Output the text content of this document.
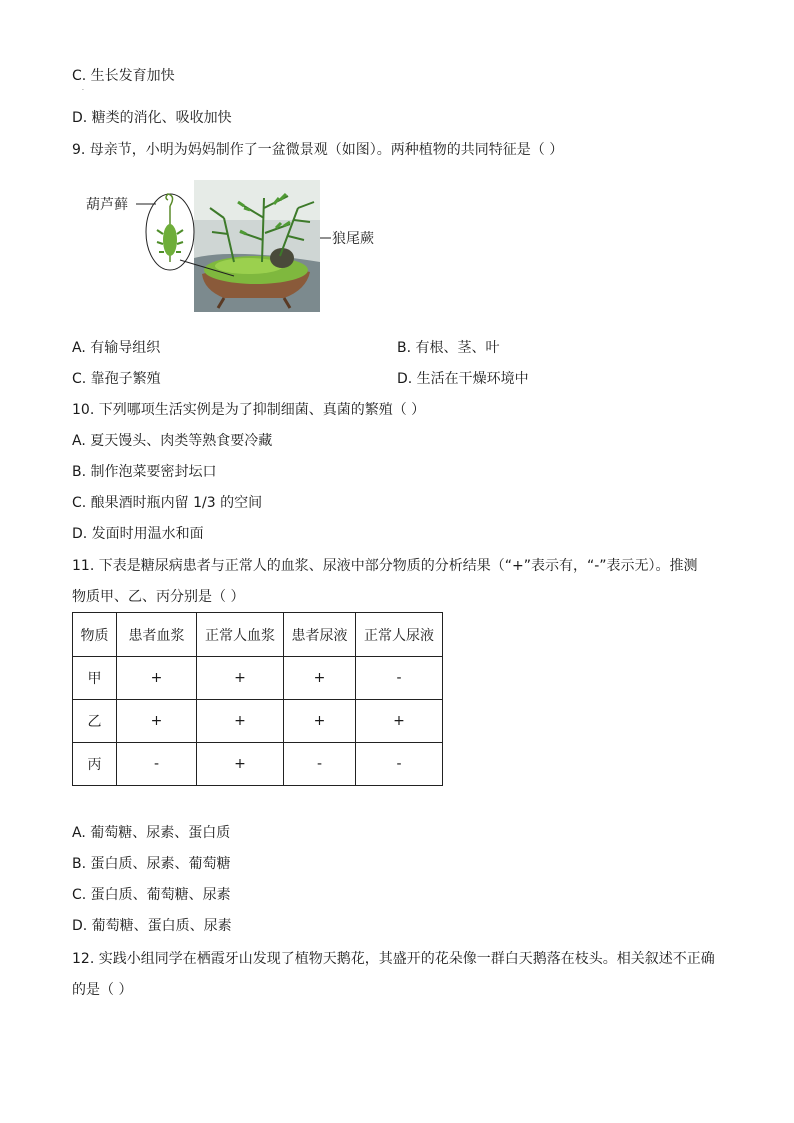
C. 生长发育加快
.
D. 糖类的消化、吸收加快
9. 母亲节，小明为妈妈制作了一盆微景观（如图）。两种植物的共同特征是（ ）
葫芦藓
狼尾蕨
A. 有输导组织	B. 有根、茎、叶
C. 靠孢子繁殖	D. 生活在干燥环境中
10. 下列哪项生活实例是为了抑制细菌、真菌的繁殖（ ）
A. 夏天馒头、肉类等熟食要冷藏
B. 制作泡菜要密封坛口
C. 酿果酒时瓶内留 1/3 的空间
D. 发面时用温水和面
11. 下表是糖尿病患者与正常人的血浆、尿液中部分物质的分析结果（“+”表示有，“-”表示无）。推测
物质甲、乙、丙分别是（ ）
物质	患者血浆	正常人血浆	患者尿液	正常人尿液
甲	+	+	+	-
乙	+	+	+	+
丙	-	+	-	-
A. 葡萄糖、尿素、蛋白质
B. 蛋白质、尿素、葡萄糖
C. 蛋白质、葡萄糖、尿素
D. 葡萄糖、蛋白质、尿素
12. 实践小组同学在栖霞牙山发现了植物天鹅花，其盛开的花朵像一群白天鹅落在枝头。相关叙述不正确
的是（ ）
